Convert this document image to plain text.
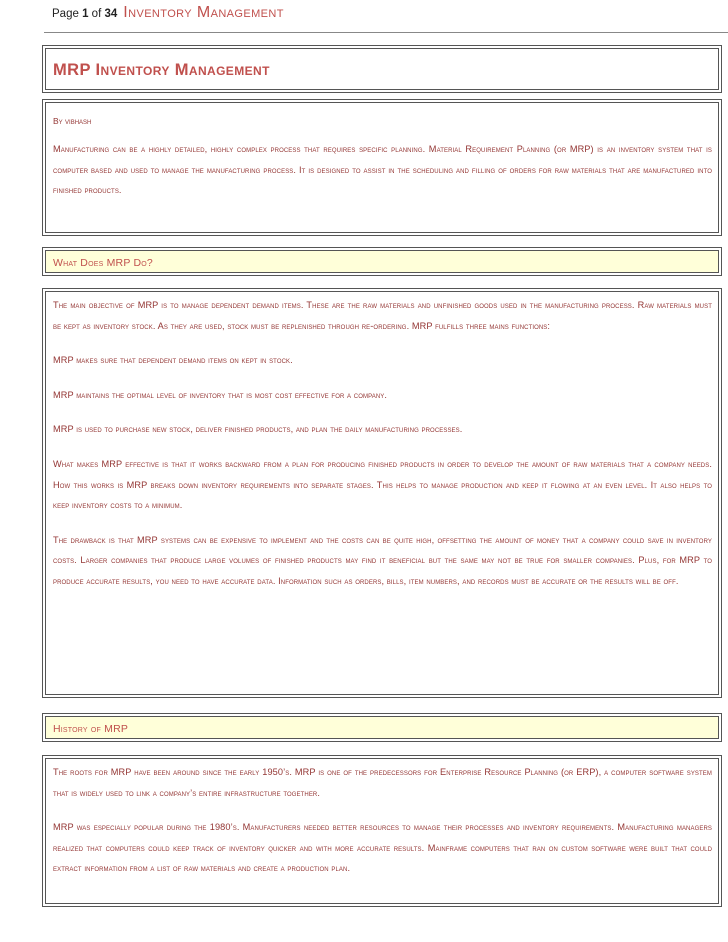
Page 1 of 34 Inventory Management
MRP Inventory Management
By vibhash

Manufacturing can be a highly detailed, highly complex process that requires specific planning. Material Requirement Planning (or MRP) is an inventory system that is computer based and used to manage the manufacturing process. It is designed to assist in the scheduling and filling of orders for raw materials that are manufactured into finished products.

What Does MRP Do?

The main objective of MRP is to manage dependent demand items. These are the raw materials and unfinished goods used in the manufacturing process. Raw materials must be kept as inventory stock. As they are used, stock must be replenished through re-ordering. MRP fulfills three mains functions:

MRP makes sure that dependent demand items on kept in stock.

MRP maintains the optimal level of inventory that is most cost effective for a company.

MRP is used to purchase new stock, deliver finished products, and plan the daily manufacturing processes.

What makes MRP effective is that it works backward from a plan for producing finished products in order to develop the amount of raw materials that a company needs. How this works is MRP breaks down inventory requirements into separate stages. This helps to manage production and keep it flowing at an even level. It also helps to keep inventory costs to a minimum.

The drawback is that MRP systems can be expensive to implement and the costs can be quite high, offsetting the amount of money that a company could save in inventory costs. Larger companies that produce large volumes of finished products may find it beneficial but the same may not be true for smaller companies. Plus, for MRP to produce accurate results, you need to have accurate data. Information such as orders, bills, item numbers, and records must be accurate or the results will be off.

History of MRP

The roots for MRP have been around since the early 1950’s. MRP is one of the predecessors for Enterprise Resource Planning (or ERP), a computer software system that is widely used to link a company’s entire infrastructure together.

MRP was especially popular during the 1980’s. Manufacturers needed better resources to manage their processes and inventory requirements. Manufacturing managers realized that computers could keep track of inventory quicker and with more accurate results. Mainframe computers that ran on custom software were built that could extract information from a list of raw materials and create a production plan.
